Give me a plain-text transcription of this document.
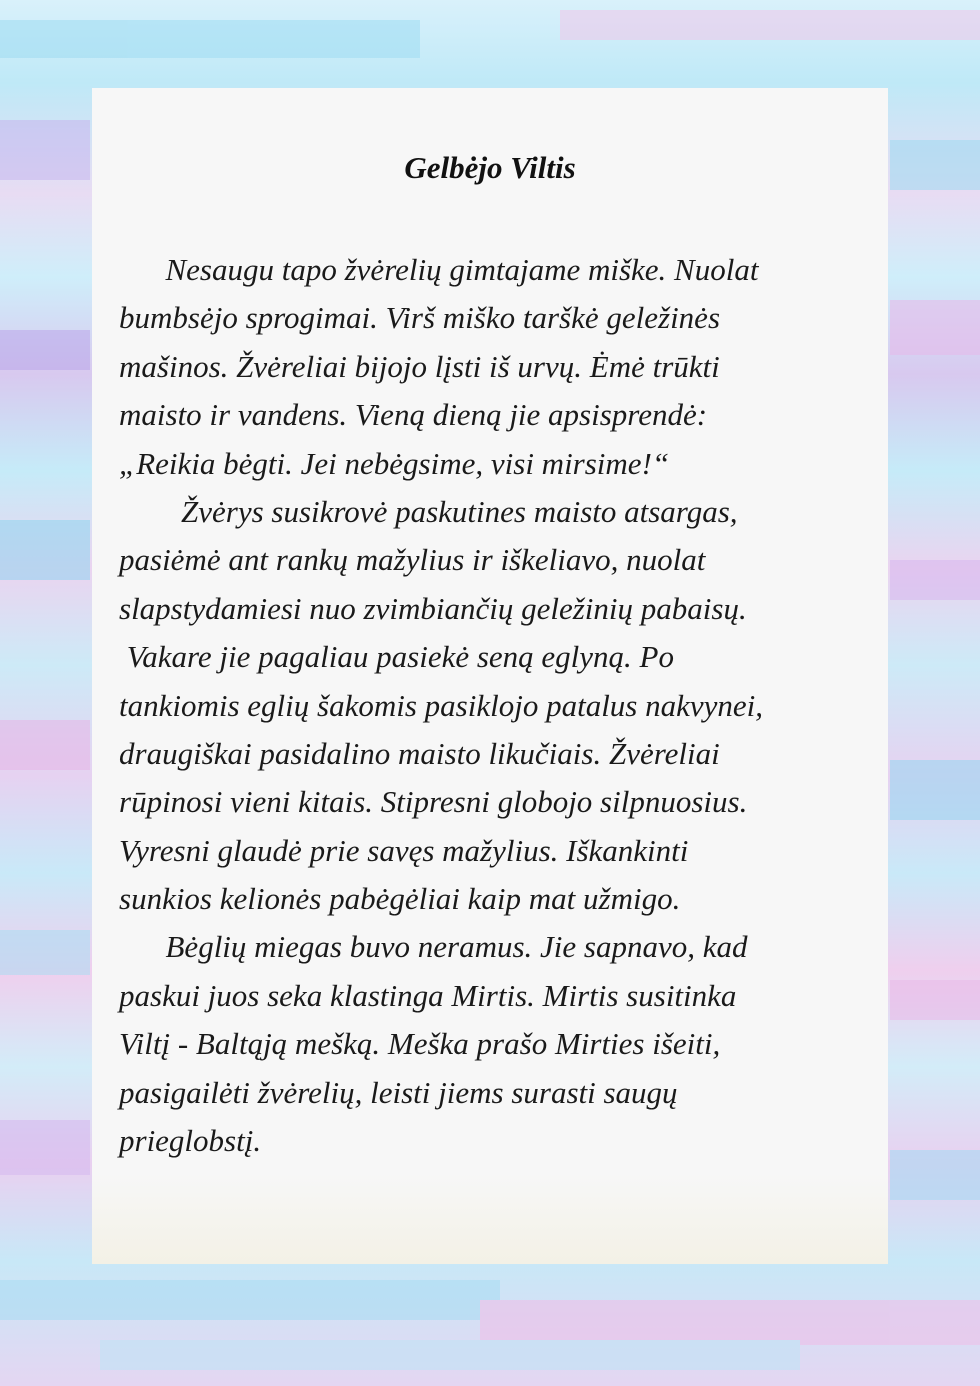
Gelbėjo Viltis
Nesaugu tapo žvėrelių gimtajame miške. Nuolat
bumbsėjo sprogimai. Virš miško tarškė geležinės
mašinos. Žvėreliai bijojo lįsti iš urvų. Ėmė trūkti
maisto ir vandens. Vieną dieną jie apsisprendė:
„Reikia bėgti. Jei nebėgsime, visi mirsime!“
Žvėrys susikrovė paskutines maisto atsargas,
pasiėmė ant rankų mažylius ir iškeliavo, nuolat
slapstydamiesi nuo zvimbiančių geležinių pabaisų.
Vakare jie pagaliau pasiekė seną eglyną. Po
tankiomis eglių šakomis pasiklojo patalus nakvynei,
draugiškai pasidalino maisto likučiais. Žvėreliai
rūpinosi vieni kitais. Stipresni globojo silpnuosius.
Vyresni glaudė prie savęs mažylius. Iškankinti
sunkios kelionės pabėgėliai kaip mat užmigo.
Bėglių miegas buvo neramus. Jie sapnavo, kad
paskui juos seka klastinga Mirtis. Mirtis susitinka
Viltį - Baltąją mešką. Meška prašo Mirties išeiti,
pasigailėti žvėrelių, leisti jiems surasti saugų
prieglobstį.
